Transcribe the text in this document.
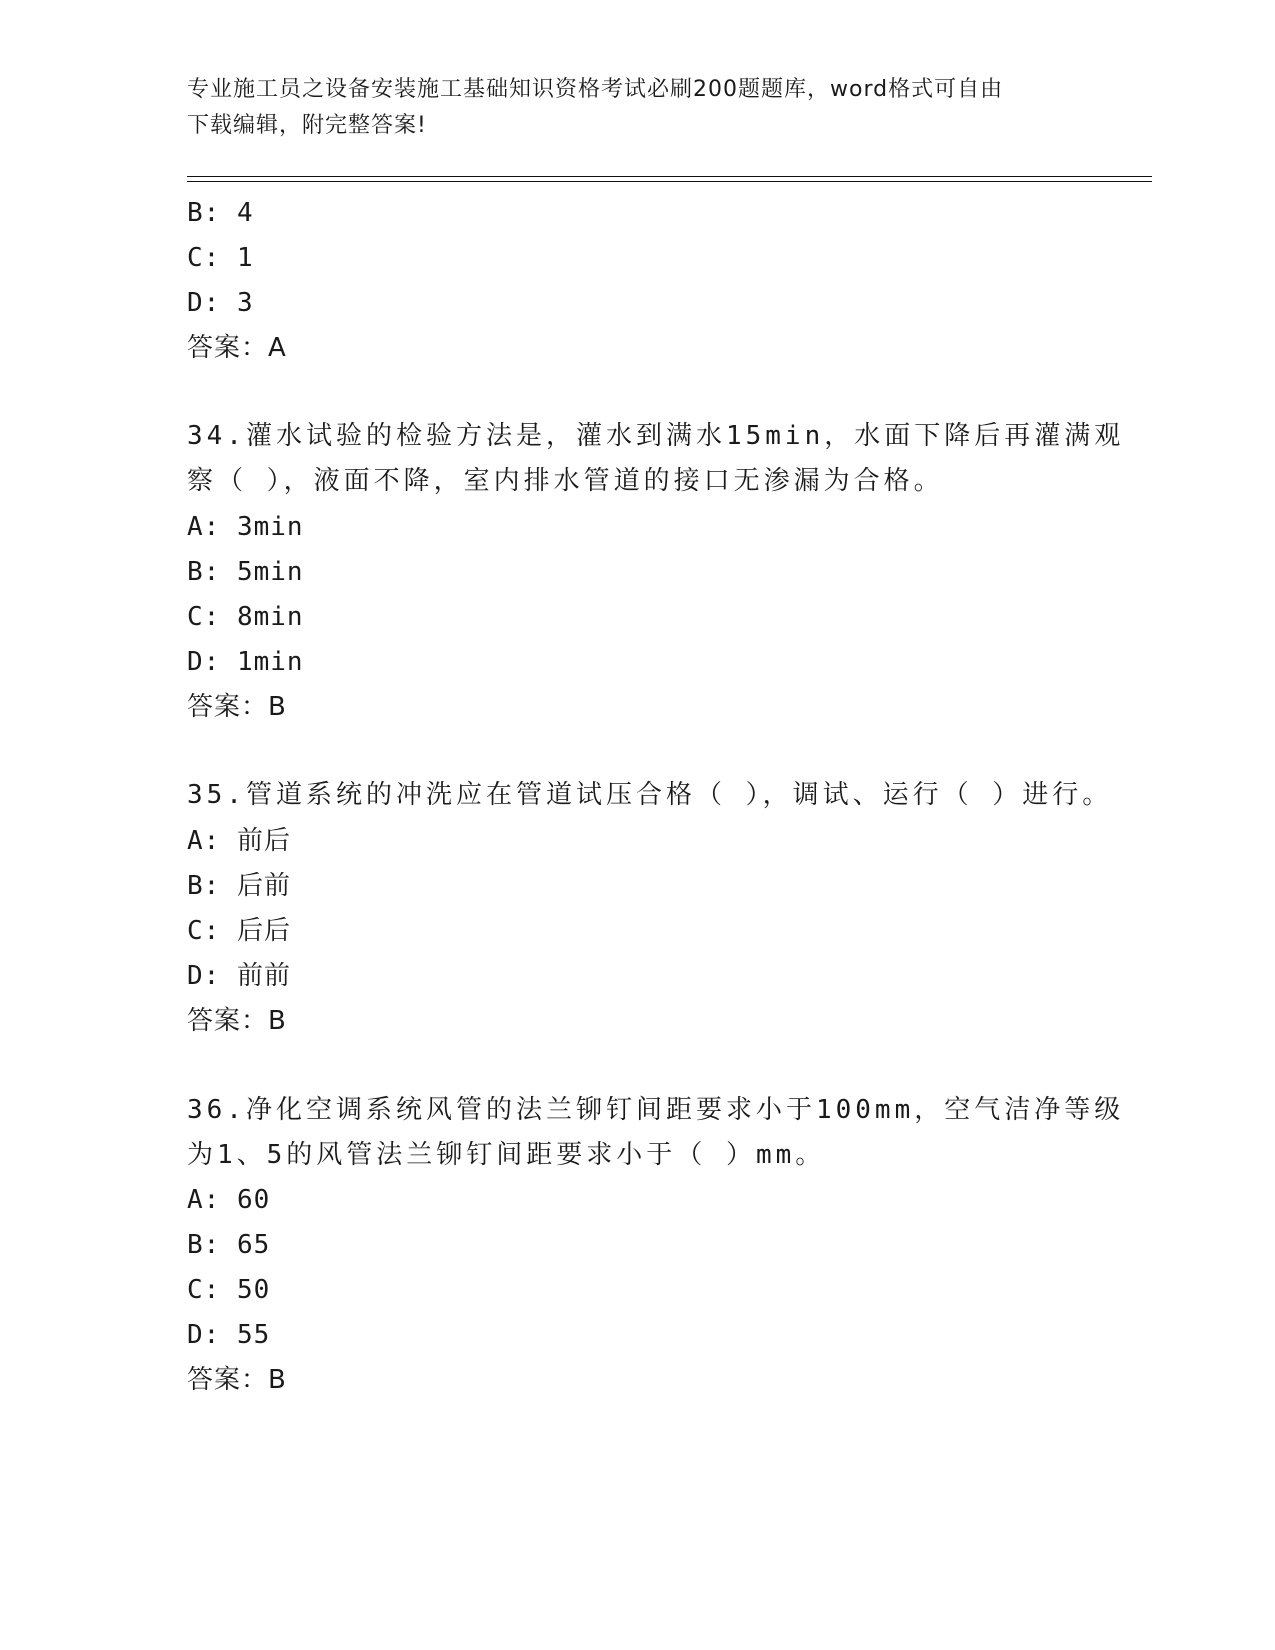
专业施工员之设备安装施工基础知识资格考试必刷200题题库，word格式可自由
下载编辑，附完整答案!
B: 4
C: 1
D: 3
答案：A
34.灌水试验的检验方法是，灌水到满水15min，水面下降后再灌满观
察（ ），液面不降，室内排水管道的接口无渗漏为合格。
A: 3min
B: 5min
C: 8min
D: 1min
答案：B
35.管道系统的冲洗应在管道试压合格（ ），调试、运行（ ）进行。
A: 前后
B: 后前
C: 后后
D: 前前
答案：B
36.净化空调系统风管的法兰铆钉间距要求小于100mm，空气洁净等级
为1、5的风管法兰铆钉间距要求小于（ ）mm。
A: 60
B: 65
C: 50
D: 55
答案：B
